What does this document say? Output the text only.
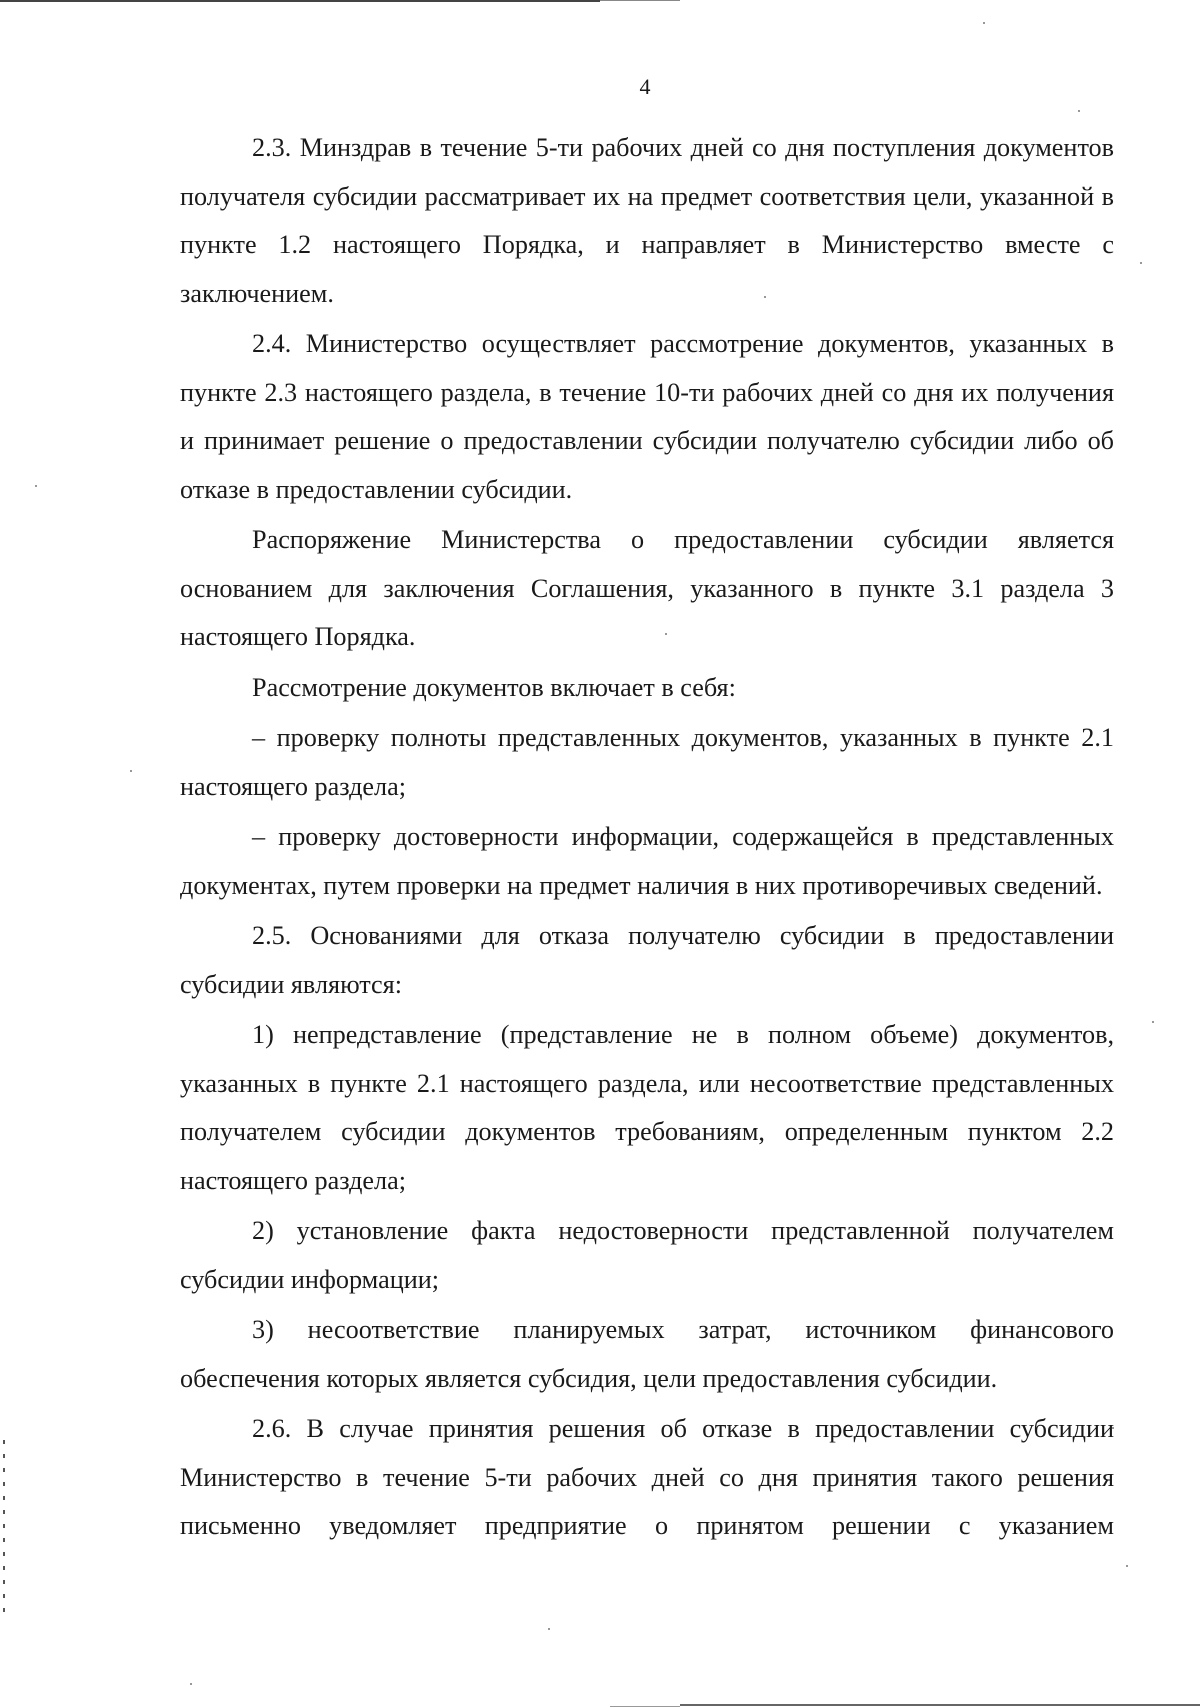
4

2.3. Минздрав в течение 5-ти рабочих дней со дня поступления документов получателя субсидии рассматривает их на предмет соответствия цели, указанной в пункте 1.2 настоящего Порядка, и направляет в Министерство вместе с заключением.

2.4. Министерство осуществляет рассмотрение документов, указанных в пункте 2.3 настоящего раздела, в течение 10-ти рабочих дней со дня их получения и принимает решение о предоставлении субсидии получателю субсидии либо об отказе в предоставлении субсидии.

Распоряжение Министерства о предоставлении субсидии является основанием для заключения Соглашения, указанного в пункте 3.1 раздела 3 настоящего Порядка.

Рассмотрение документов включает в себя:

– проверку полноты представленных документов, указанных в пункте 2.1 настоящего раздела;

– проверку достоверности информации, содержащейся в представленных документах, путем проверки на предмет наличия в них противоречивых сведений.

2.5. Основаниями для отказа получателю субсидии в предоставлении субсидии являются:

1) непредставление (представление не в полном объеме) документов, указанных в пункте 2.1 настоящего раздела, или несоответствие представленных получателем субсидии документов требованиям, определенным пунктом 2.2 настоящего раздела;

2) установление факта недостоверности представленной получателем субсидии информации;

3) несоответствие планируемых затрат, источником финансового обеспечения которых является субсидия, цели предоставления субсидии.

2.6. В случае принятия решения об отказе в предоставлении субсидии Министерство в течение 5-ти рабочих дней со дня принятия такого решения письменно уведомляет предприятие о принятом решении с указанием
